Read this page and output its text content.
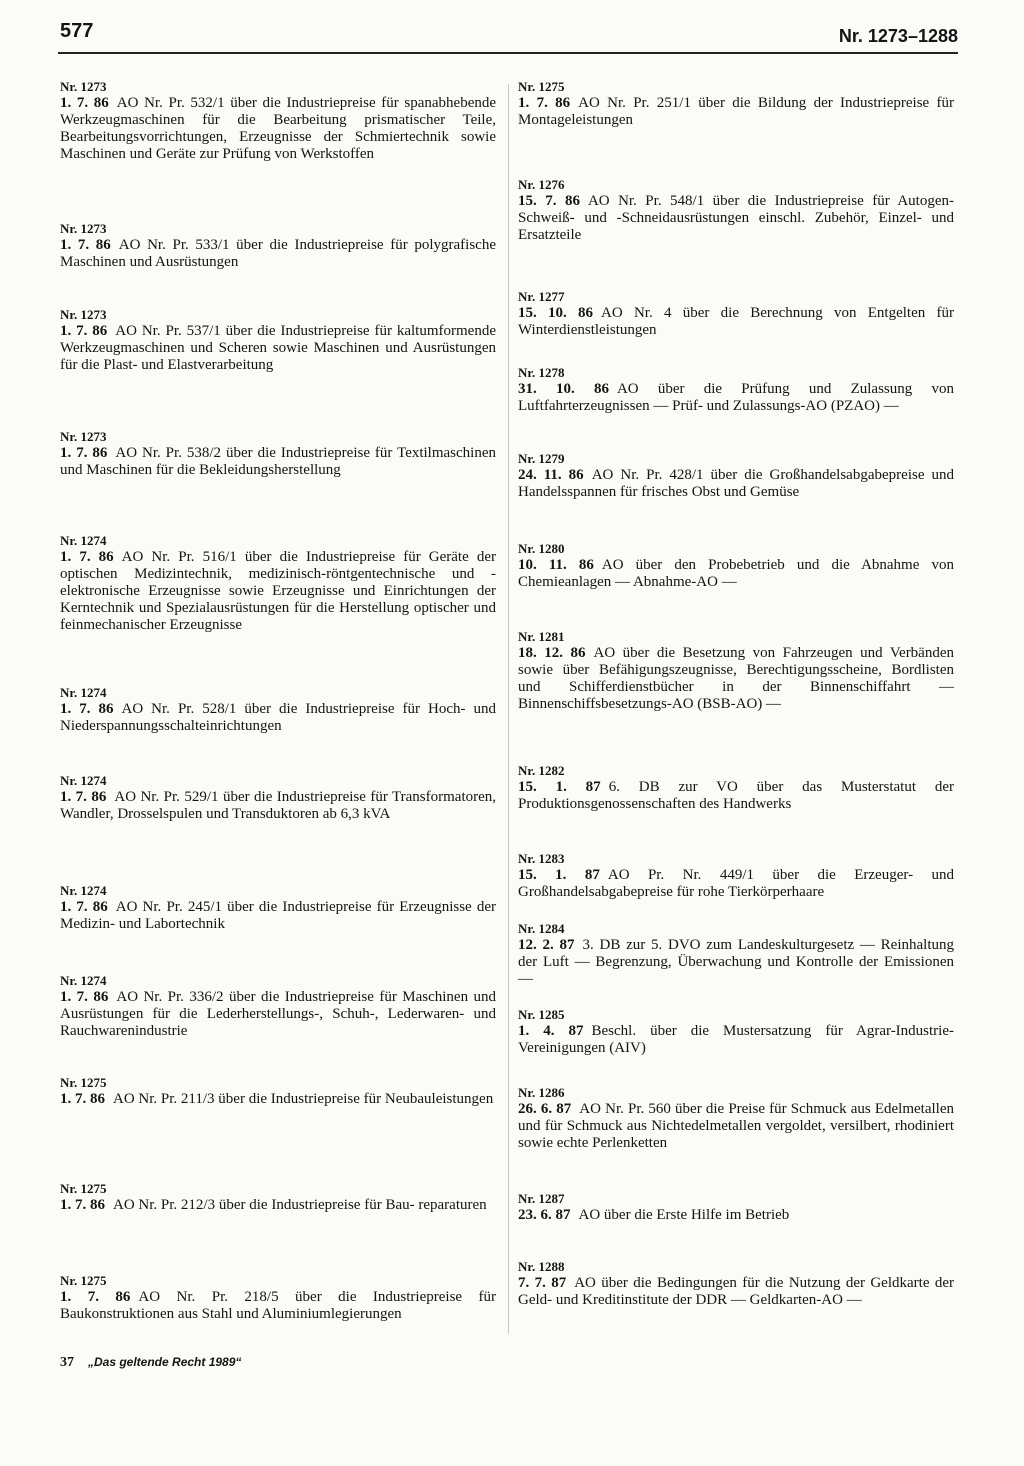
577	Nr. 1273–1288
Nr. 1273
1. 7. 86 AO Nr. Pr. 532/1 über die Industriepreise für spanabhebende Werkzeugmaschinen für die Bearbeitung prismatischer Teile, Bearbeitungsvorrichtungen, Erzeugnisse der Schmiertechnik sowie Maschinen und Geräte zur Prüfung von Werkstoffen
Nr. 1273
1. 7. 86 AO Nr. Pr. 533/1 über die Industriepreise für polygrafische Maschinen und Ausrüstungen
Nr. 1273
1. 7. 86 AO Nr. Pr. 537/1 über die Industriepreise für kaltumformende Werkzeugmaschinen und Scheren sowie Maschinen und Ausrüstungen für die Plast- und Elastverarbeitung
Nr. 1273
1. 7. 86 AO Nr. Pr. 538/2 über die Industriepreise für Textilmaschinen und Maschinen für die Bekleidungsherstellung
Nr. 1274
1. 7. 86 AO Nr. Pr. 516/1 über die Industriepreise für Geräte der optischen Medizintechnik, medizinisch-röntgentechnische und -elektronische Erzeugnisse sowie Erzeugnisse und Einrichtungen der Kerntechnik und Spezialausrüstungen für die Herstellung optischer und feinmechanischer Erzeugnisse
Nr. 1274
1. 7. 86 AO Nr. Pr. 528/1 über die Industriepreise für Hoch- und Niederspannungsschalteinrichtungen
Nr. 1274
1. 7. 86 AO Nr. Pr. 529/1 über die Industriepreise für Transformatoren, Wandler, Drosselspulen und Transduktoren ab 6,3 kVA
Nr. 1274
1. 7. 86 AO Nr. Pr. 245/1 über die Industriepreise für Erzeugnisse der Medizin- und Labortechnik
Nr. 1274
1. 7. 86 AO Nr. Pr. 336/2 über die Industriepreise für Maschinen und Ausrüstungen für die Lederherstellungs-, Schuh-, Lederwaren- und Rauchwarenindustrie
Nr. 1275
1. 7. 86 AO Nr. Pr. 211/3 über die Industriepreise für Neubauleistungen
Nr. 1275
1. 7. 86 AO Nr. Pr. 212/3 über die Industriepreise für Bau- reparaturen
Nr. 1275
1. 7. 86 AO Nr. Pr. 218/5 über die Industriepreise für Baukonstruktionen aus Stahl und Aluminiumlegierungen
Nr. 1275
1. 7. 86 AO Nr. Pr. 251/1 über die Bildung der Industriepreise für Montageleistungen
Nr. 1276
15. 7. 86 AO Nr. Pr. 548/1 über die Industriepreise für Autogen-Schweiß- und -Schneidausrüstungen einschl. Zubehör, Einzel- und Ersatzteile
Nr. 1277
15. 10. 86 AO Nr. 4 über die Berechnung von Entgelten für Winterdienstleistungen
Nr. 1278
31. 10. 86 AO über die Prüfung und Zulassung von Luftfahrterzeugnissen — Prüf- und Zulassungs-AO (PZAO) —
Nr. 1279
24. 11. 86 AO Nr. Pr. 428/1 über die Großhandelsabgabepreise und Handelsspannen für frisches Obst und Gemüse
Nr. 1280
10. 11. 86 AO über den Probebetrieb und die Abnahme von Chemieanlagen — Abnahme-AO —
Nr. 1281
18. 12. 86 AO über die Besetzung von Fahrzeugen und Verbänden sowie über Befähigungszeugnisse, Berechtigungsscheine, Bordlisten und Schifferdienstbücher in der Binnenschiffahrt — Binnenschiffsbesetzungs-AO (BSB-AO) —
Nr. 1282
15. 1. 87 6. DB zur VO über das Musterstatut der Produktionsgenossenschaften des Handwerks
Nr. 1283
15. 1. 87 AO Pr. Nr. 449/1 über die Erzeuger- und Großhandelsabgabepreise für rohe Tierkörperhaare
Nr. 1284
12. 2. 87 3. DB zur 5. DVO zum Landeskulturgesetz — Reinhaltung der Luft — Begrenzung, Überwachung und Kontrolle der Emissionen —
Nr. 1285
1. 4. 87 Beschl. über die Mustersatzung für Agrar-Industrie-Vereinigungen (AIV)
Nr. 1286
26. 6. 87 AO Nr. Pr. 560 über die Preise für Schmuck aus Edelmetallen und für Schmuck aus Nichtedelmetallen vergoldet, versilbert, rhodiniert sowie echte Perlenketten
Nr. 1287
23. 6. 87 AO über die Erste Hilfe im Betrieb
Nr. 1288
7. 7. 87 AO über die Bedingungen für die Nutzung der Geldkarte der Geld- und Kreditinstitute der DDR — Geldkarten-AO —
37 „Das geltende Recht 1989“
